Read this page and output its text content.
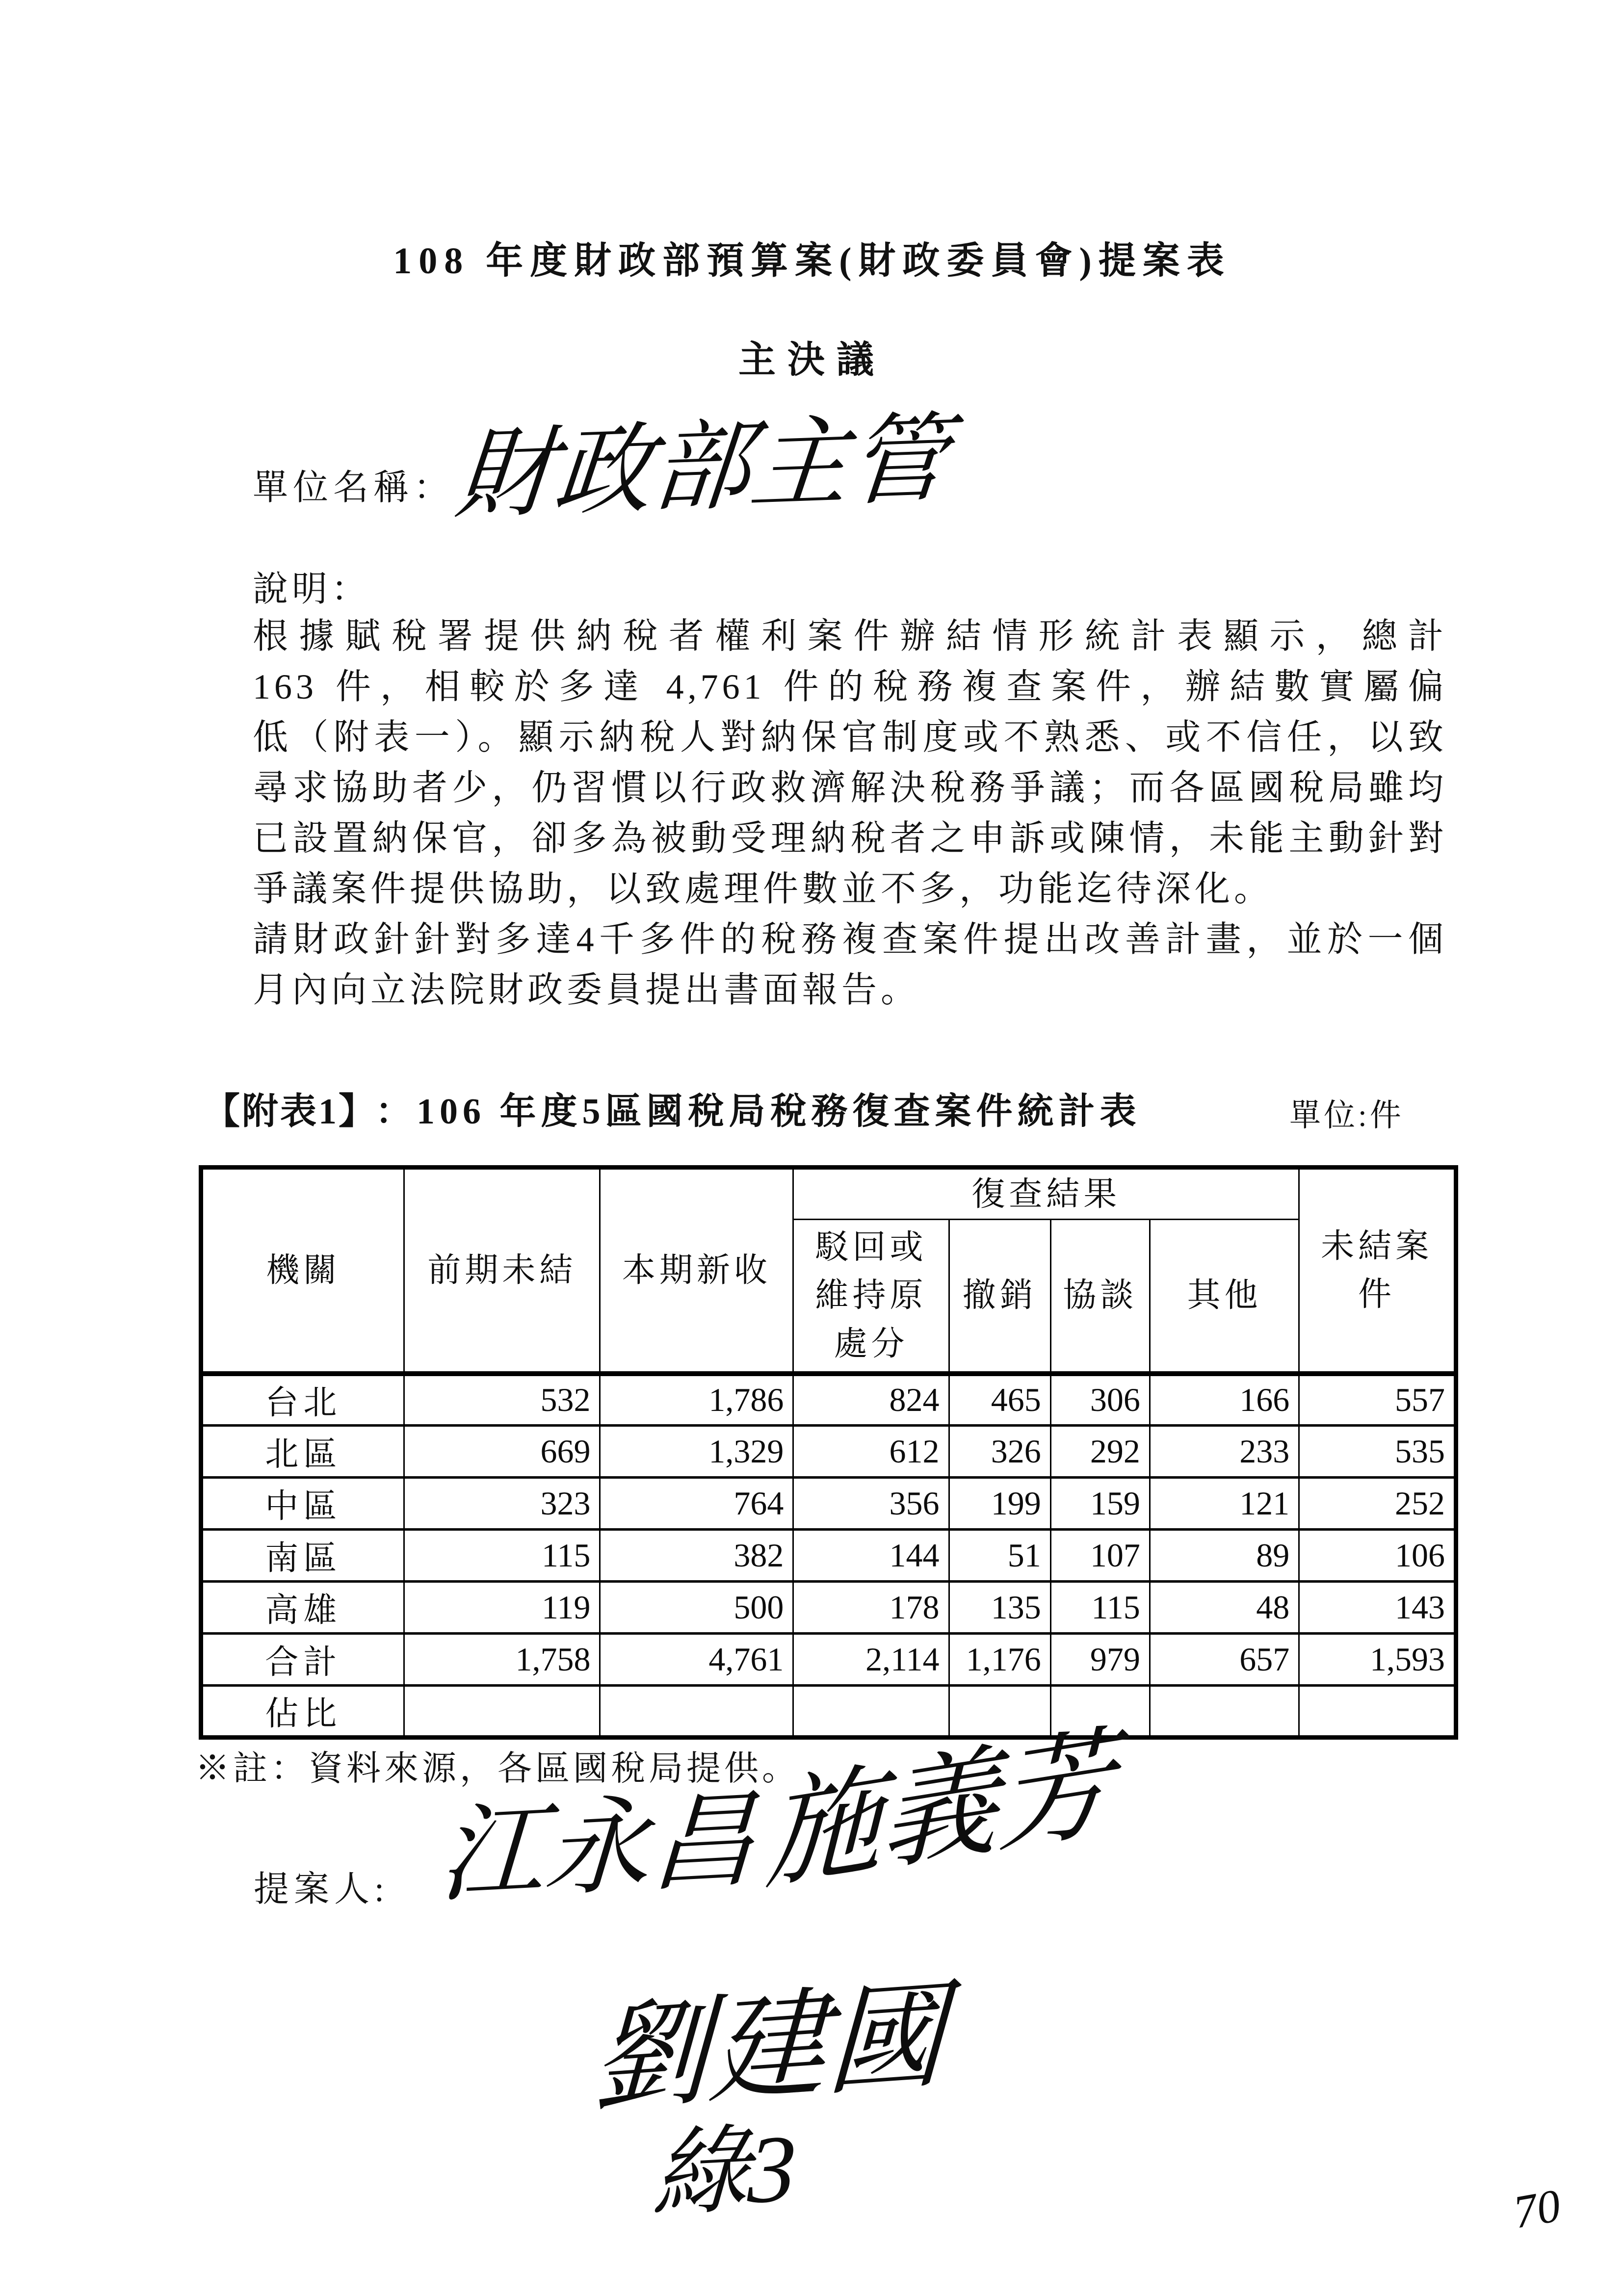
108 年度財政部預算案(財政委員會)提案表
主決議
單位名稱：
財政部主管
說明：
根據賦稅署提供納稅者權利案件辦結情形統計表顯示，總計
163 件，相較於多達 4,761 件的稅務複查案件，辦結數實屬偏
低（附表一）。顯示納稅人對納保官制度或不熟悉、或不信任，以致
尋求協助者少，仍習慣以行政救濟解決稅務爭議；而各區國稅局雖均
已設置納保官，卻多為被動受理納稅者之申訴或陳情，未能主動針對
爭議案件提供協助，以致處理件數並不多，功能迄待深化。
請財政針針對多達4千多件的稅務複查案件提出改善計畫，並於一個
月內向立法院財政委員提出書面報告。
【附表1】 ：106 年度5區國稅局稅務復查案件統計表	單位:件
機關	前期未結	本期新收	復查結果				未結案件
			駁回或維持原處分	撤銷	協談	其他	
台北	532	1,786	824	465	306	166	557
北區	669	1,329	612	326	292	233	535
中區	323	764	356	199	159	121	252
南區	115	382	144	51	107	89	106
高雄	119	500	178	135	115	48	143
合計	1,758	4,761	2,114	1,176	979	657	1,593
佔比							
※註：資料來源，各區國稅局提供。
提案人: 江永昌 施義芳
劉建國
綠3	70
